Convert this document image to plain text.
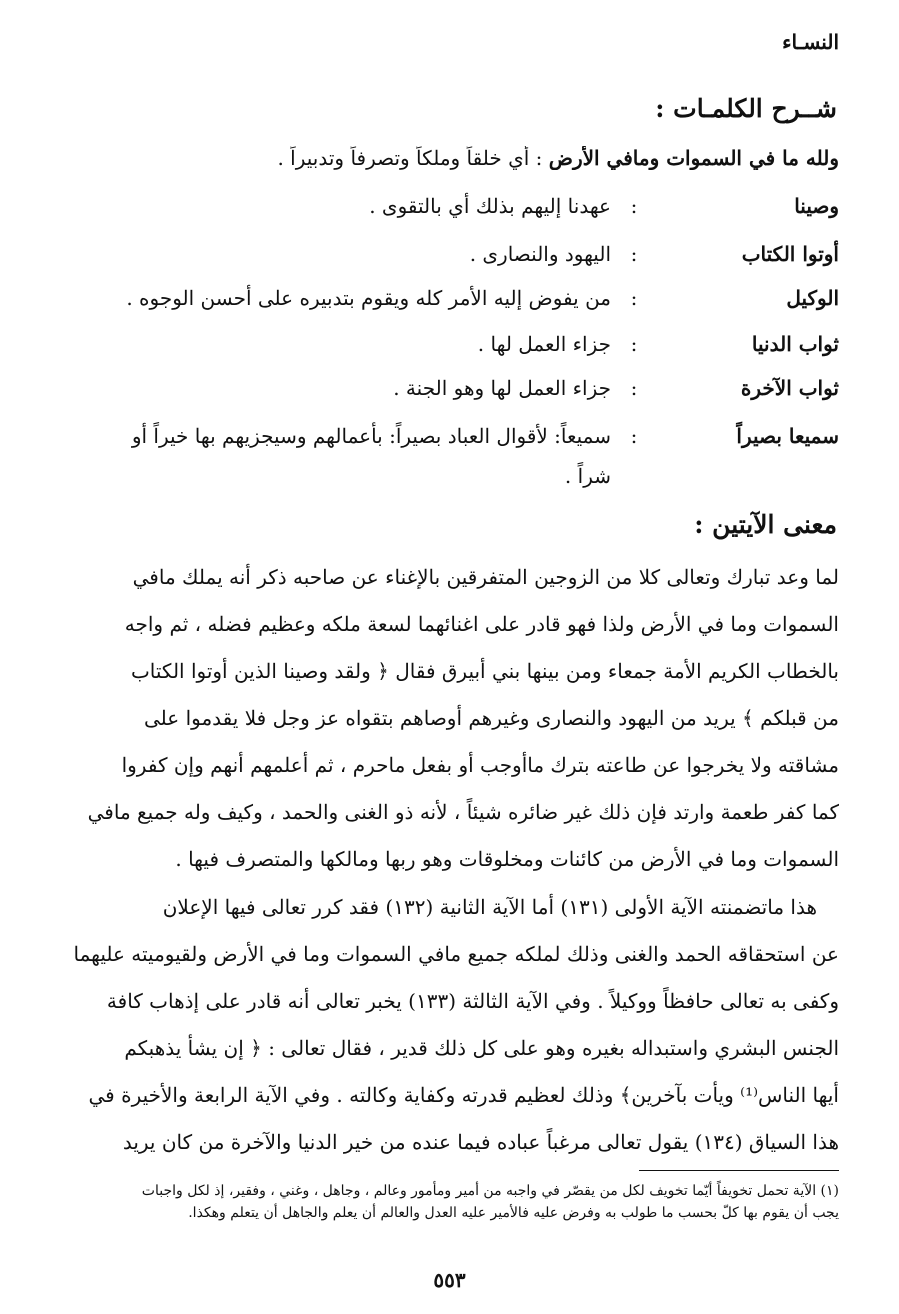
النسـاء
شــرح الكلمـات :
ولله ما في السموات ومافي الأرض : أي خلقاً وملكاً وتصرفاً وتدبيراً .
وصينا
:
عهدنا إليهم بذلك أي بالتقوى .
أوتوا الكتاب
:
اليهود والنصارى .
الوكيل
:
من يفوض إليه الأمر كله ويقوم بتدبيره على أحسن الوجوه .
ثواب الدنيا
:
جزاء العمل لها .
ثواب الآخرة
:
جزاء العمل لها وهو الجنة .
سميعا بصيراً
:
سميعاً: لأقوال العباد بصيراً: بأعمالهم وسيجزيهم بها خيراً أو
شراً .
معنى الآيتين :
لما وعد تبارك وتعالى كلا من الزوجين المتفرقين بالإغناء عن صاحبه ذكر أنه يملك مافي
السموات وما في الأرض ولذا فهو قادر على اغنائهما لسعة ملكه وعظيم فضله ، ثم واجه
بالخطاب الكريم الأمة جمعاء ومن بينها بني أبيرق فقال ﴿ ولقد وصينا الذين أوتوا الكتاب
من قبلكم ﴾ يريد من اليهود والنصارى وغيرهم أوصاهم بتقواه عز وجل فلا يقدموا على
مشاقته ولا يخرجوا عن طاعته بترك ماأوجب أو بفعل ماحرم ، ثم أعلمهم أنهم وإن كفروا
كما كفر طعمة وارتد فإن ذلك غير ضائره شيئاً ، لأنه ذو الغنى والحمد ، وكيف وله جميع مافي
السموات وما في الأرض من كائنات ومخلوقات وهو ربها ومالكها والمتصرف فيها .
هذا ماتضمنته الآية الأولى (١٣١) أما الآية الثانية (١٣٢) فقد كرر تعالى فيها الإعلان
عن استحقاقه الحمد والغنى وذلك لملكه جميع مافي السموات وما في الأرض ولقيوميته عليهما
وكفى به تعالى حافظاً ووكيلاً . وفي الآية الثالثة (١٣٣) يخبر تعالى أنه قادر على إذهاب كافة
الجنس البشري واستبداله بغيره وهو على كل ذلك قدير ، فقال تعالى : ﴿ إن يشأ يذهبكم
أيها الناس⁽¹⁾ ويأت بآخرين﴾ وذلك لعظيم قدرته وكفاية وكالته . وفي الآية الرابعة والأخيرة في
هذا السياق (١٣٤) يقول تعالى مرغباً عباده فيما عنده من خير الدنيا والآخرة من كان يريد
(١) الآية تحمل تخويفاً أيّما تخويف لكل من يقصّر في واجبه من أمير ومأمور وعالم ، وجاهل ، وغني ، وفقير، إذ لكل واجبات
يجب أن يقوم بها كلّ بحسب ما طولب به وفرض عليه فالأمير عليه العدل والعالم أن يعلم والجاهل أن يتعلم وهكذا.
٥٥٣
